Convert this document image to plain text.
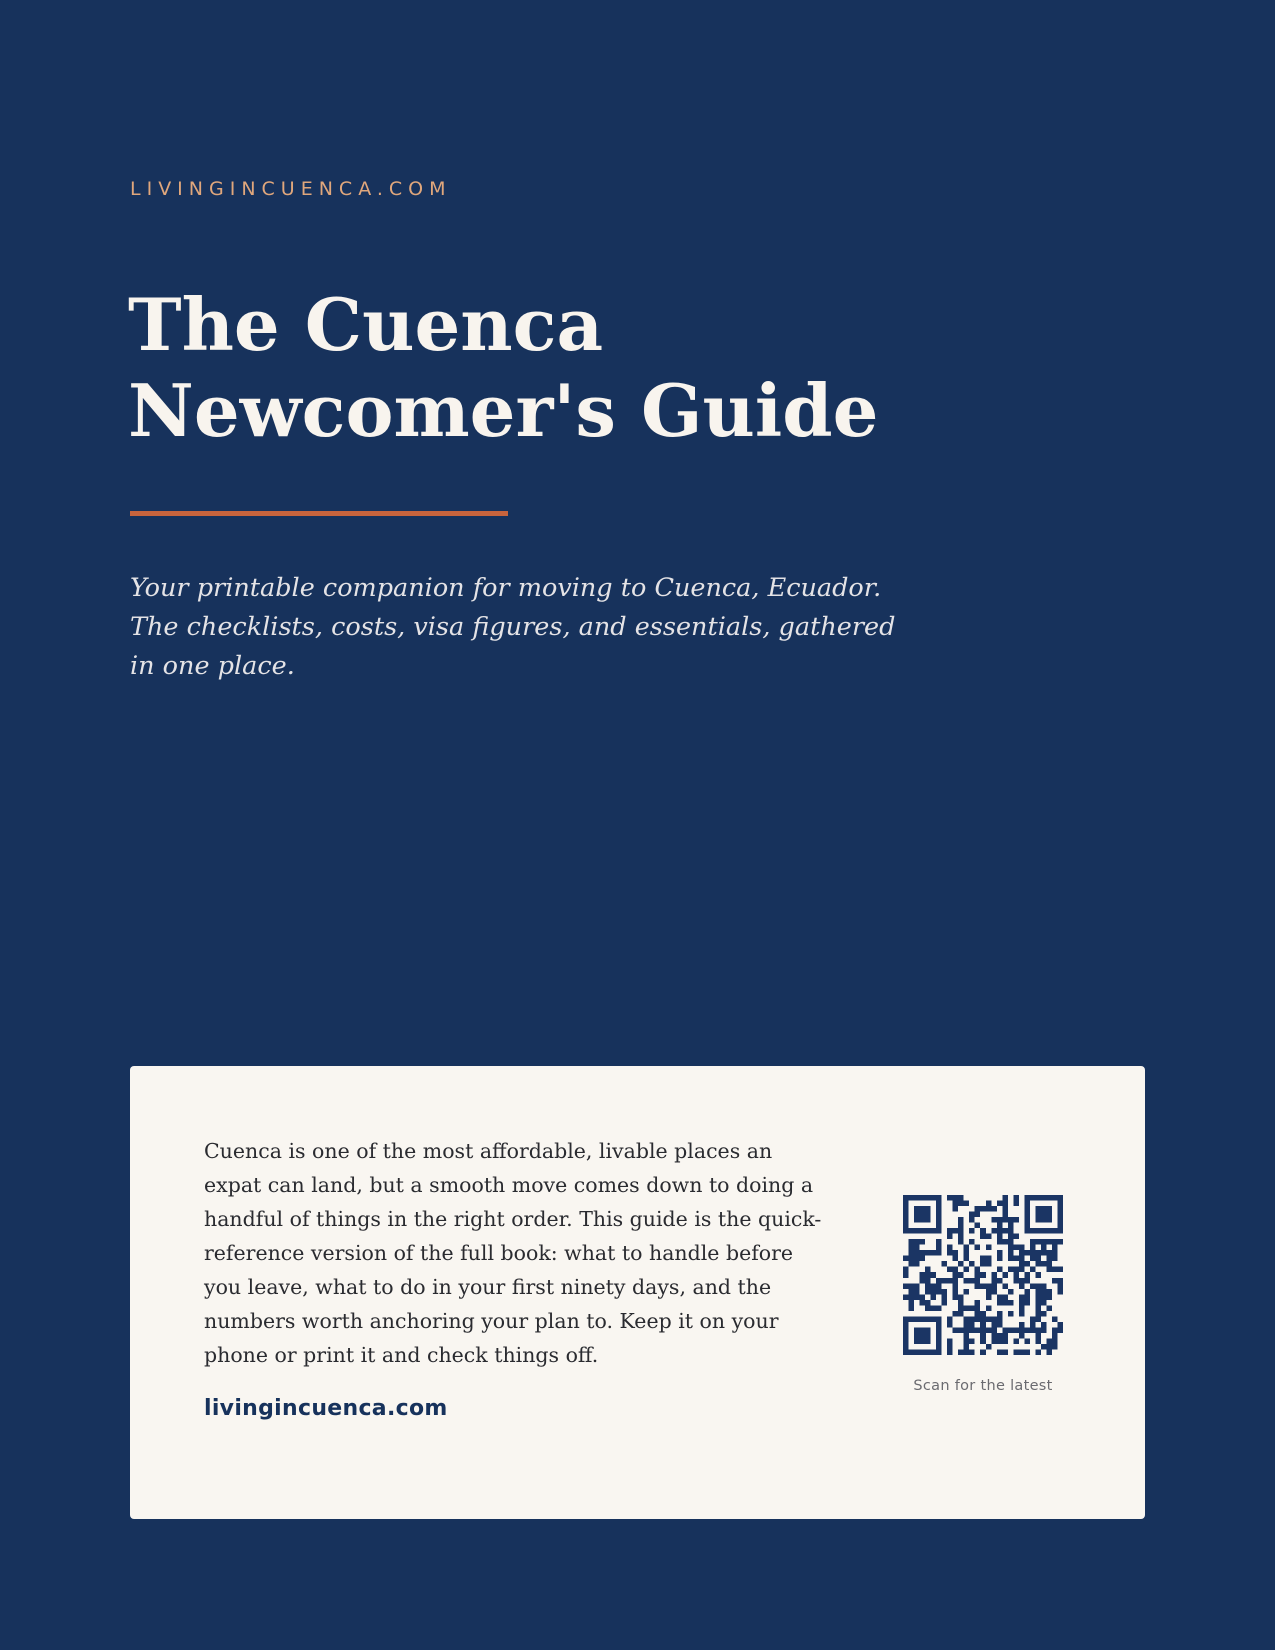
LIVINGINCUENCA.COM
The Cuenca
Newcomer's Guide

Your printable companion for moving to Cuenca, Ecuador. The checklists, costs, visa figures, and essentials, gathered in one place.

Cuenca is one of the most affordable, livable places an expat can land, but a smooth move comes down to doing a handful of things in the right order. This guide is the quick-reference version of the full book: what to handle before you leave, what to do in your first ninety days, and the numbers worth anchoring your plan to. Keep it on your phone or print it and check things off.

livingincuenca.com
Scan for the latest
